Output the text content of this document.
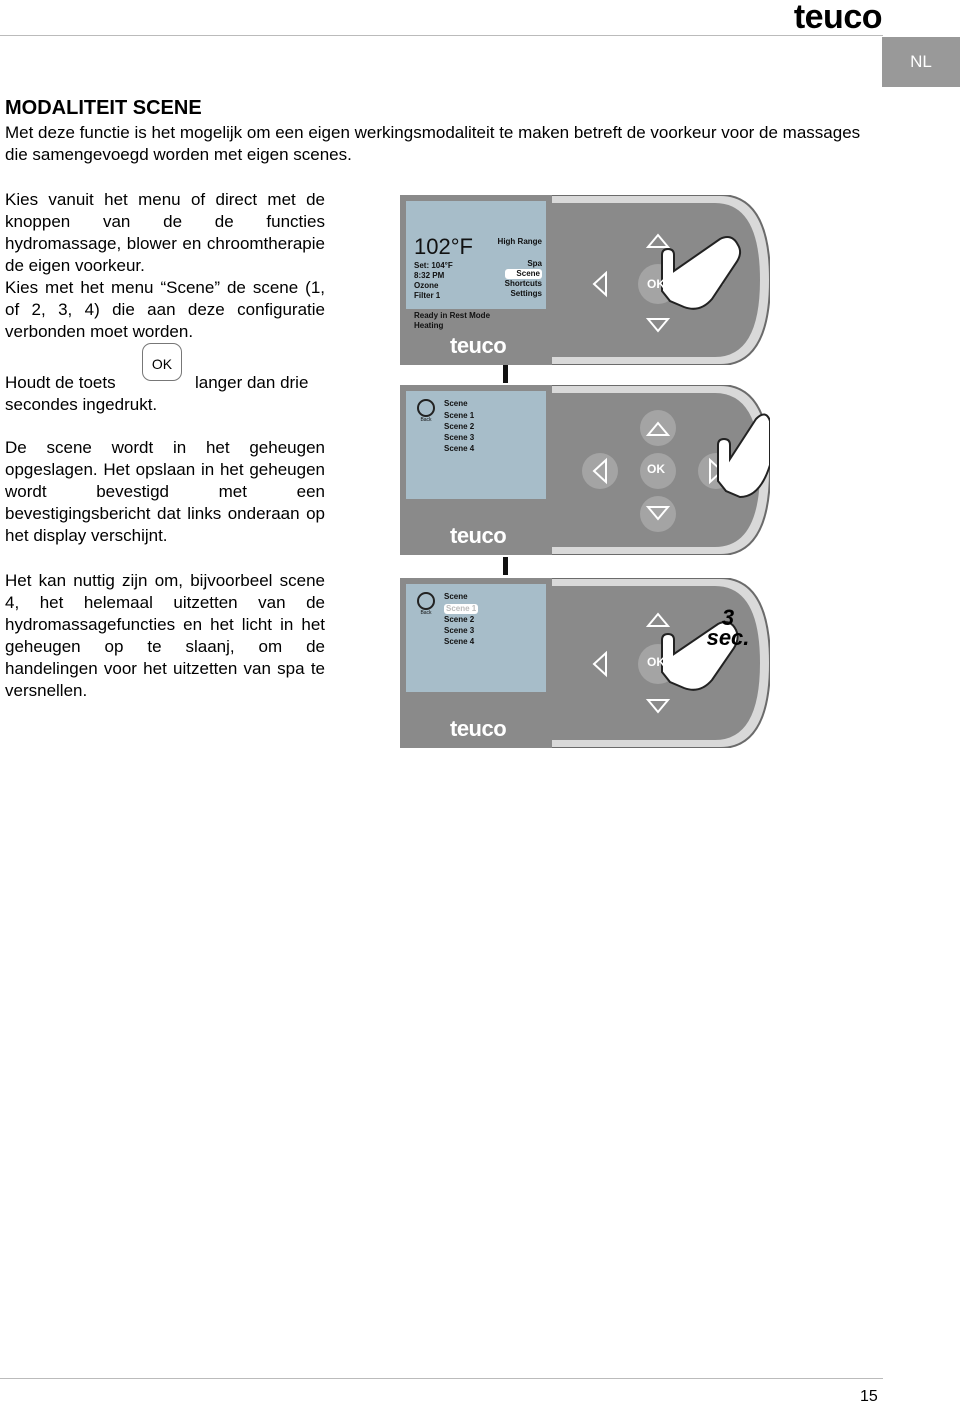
teuco
NL
MODALITEIT SCENE
Met deze functie is het mogelijk om een eigen werkingsmodaliteit te maken betreft de voorkeur voor de massages die samengevoegd worden met eigen scenes.
Kies vanuit het menu of direct met de knoppen van de de functies hydromassage, blower en chroomtherapie de eigen voorkeur.
Kies met het menu “Scene” de scene (1, of 2, 3, 4) die aan deze configuratie verbonden moet worden.
Houdt de toets	langer dan drie

secondes ingedrukt.
OK
De scene wordt in het geheugen opgeslagen. Het opslaan in het geheugen wordt bevestigd met een bevestigingsbericht dat links onderaan op het display verschijnt.
Het kan nuttig zijn om, bijvoorbeel scene 4, het helemaal uitzetten van de hydromassagefuncties en het licht in het geheugen op te slaanj, om de handelingen voor het uitzetten van spa te versnellen.
102°F
Set: 104°F
8:32 PM
Ozone
Filter 1
Ready in Rest Mode
Heating
High Range
Spa
Scene
Shortcuts
Settings
OK
teuco
Back
Scene
Scene 1
Scene 2
Scene 3
Scene 4
OK
teuco
Back
Scene
Scene 1
Scene 2
Scene 3
Scene 4
OK
3
sec.
teuco
15
